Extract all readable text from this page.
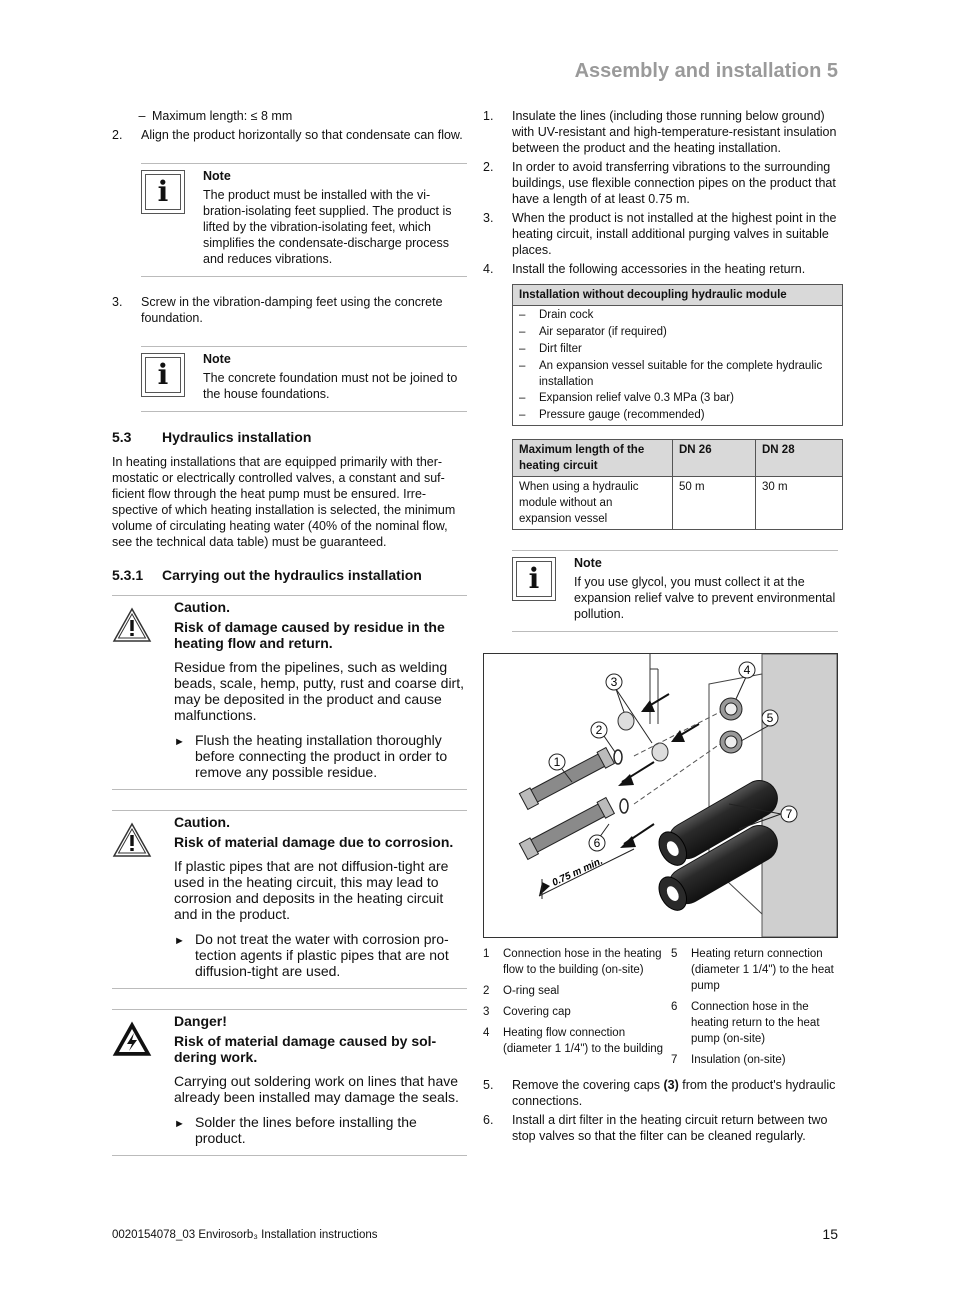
Assembly and installation 5
– Maximum length: ≤ 8 mm
2.	Align the product horizontally so that condensate can flow.
i	Note
The product must be installed with the vibration-isolating feet supplied. The product is lifted by the vibration-isolating feet, which simplifies the condensate-discharge process and reduces vibrations.
3.	Screw in the vibration-damping feet using the concrete foundation.
i	Note
The concrete foundation must not be joined to the house foundations.
5.3	Hydraulics installation
In heating installations that are equipped primarily with thermostatic or electrically controlled valves, a constant and sufficient flow through the heat pump must be ensured. Irrespective of which heating installation is selected, the minimum volume of circulating heating water (40% of the nominal flow, see the technical data table) must be guaranteed.
5.3.1	Carrying out the hydraulics installation
Caution.
Risk of damage caused by residue in the heating flow and return.
Residue from the pipelines, such as welding beads, scale, hemp, putty, rust and coarse dirt, may be deposited in the product and cause malfunctions.
► Flush the heating installation thoroughly before connecting the product in order to remove any possible residue.
Caution.
Risk of material damage due to corrosion.
If plastic pipes that are not diffusion-tight are used in the heating circuit, this may lead to corrosion and deposits in the heating circuit and in the product.
► Do not treat the water with corrosion protection agents if plastic pipes that are not diffusion-tight are used.
Danger!
Risk of material damage caused by soldering work.
Carrying out soldering work on lines that have already been installed may damage the seals.
► Solder the lines before installing the product.
1.	Insulate the lines (including those running below ground) with UV-resistant and high-temperature-resistant insulation between the product and the heating installation.
2.	In order to avoid transferring vibrations to the surrounding buildings, use flexible connection pipes on the product that have a length of at least 0.75 m.
3.	When the product is not installed at the highest point in the heating circuit, install additional purging valves in suitable places.
4.	Install the following accessories in the heating return.
Installation without decoupling hydraulic module

–	Drain cock
–	Air separator (if required)
–	Dirt filter
–	An expansion vessel suitable for the complete hydraulic installation
–	Expansion relief valve 0.3 MPa (3 bar)
–	Pressure gauge (recommended)
Maximum length of the heating circuit	DN 26	DN 28
When using a hydraulic module without an expansion vessel	50 m	30 m
i	Note
If you use glycol, you must collect it at the expansion relief valve to prevent environmental pollution.
0.75 m min.
1
2
3
4
5
6
7
1	Connection hose in the heating flow to the building (on-site)
2	O-ring seal
3	Covering cap
4	Heating flow connection (diameter 1 1/4") to the building
5	Heating return connection (diameter 1 1/4") to the heat pump
6	Connection hose in the heating return to the heat pump (on-site)
7	Insulation (on-site)
5.	Remove the covering caps (3) from the product's hydraulic connections.
6.	Install a dirt filter in the heating circuit return between two stop valves so that the filter can be cleaned regularly.
0020154078_03 Envirosorb₃ Installation instructions	15
